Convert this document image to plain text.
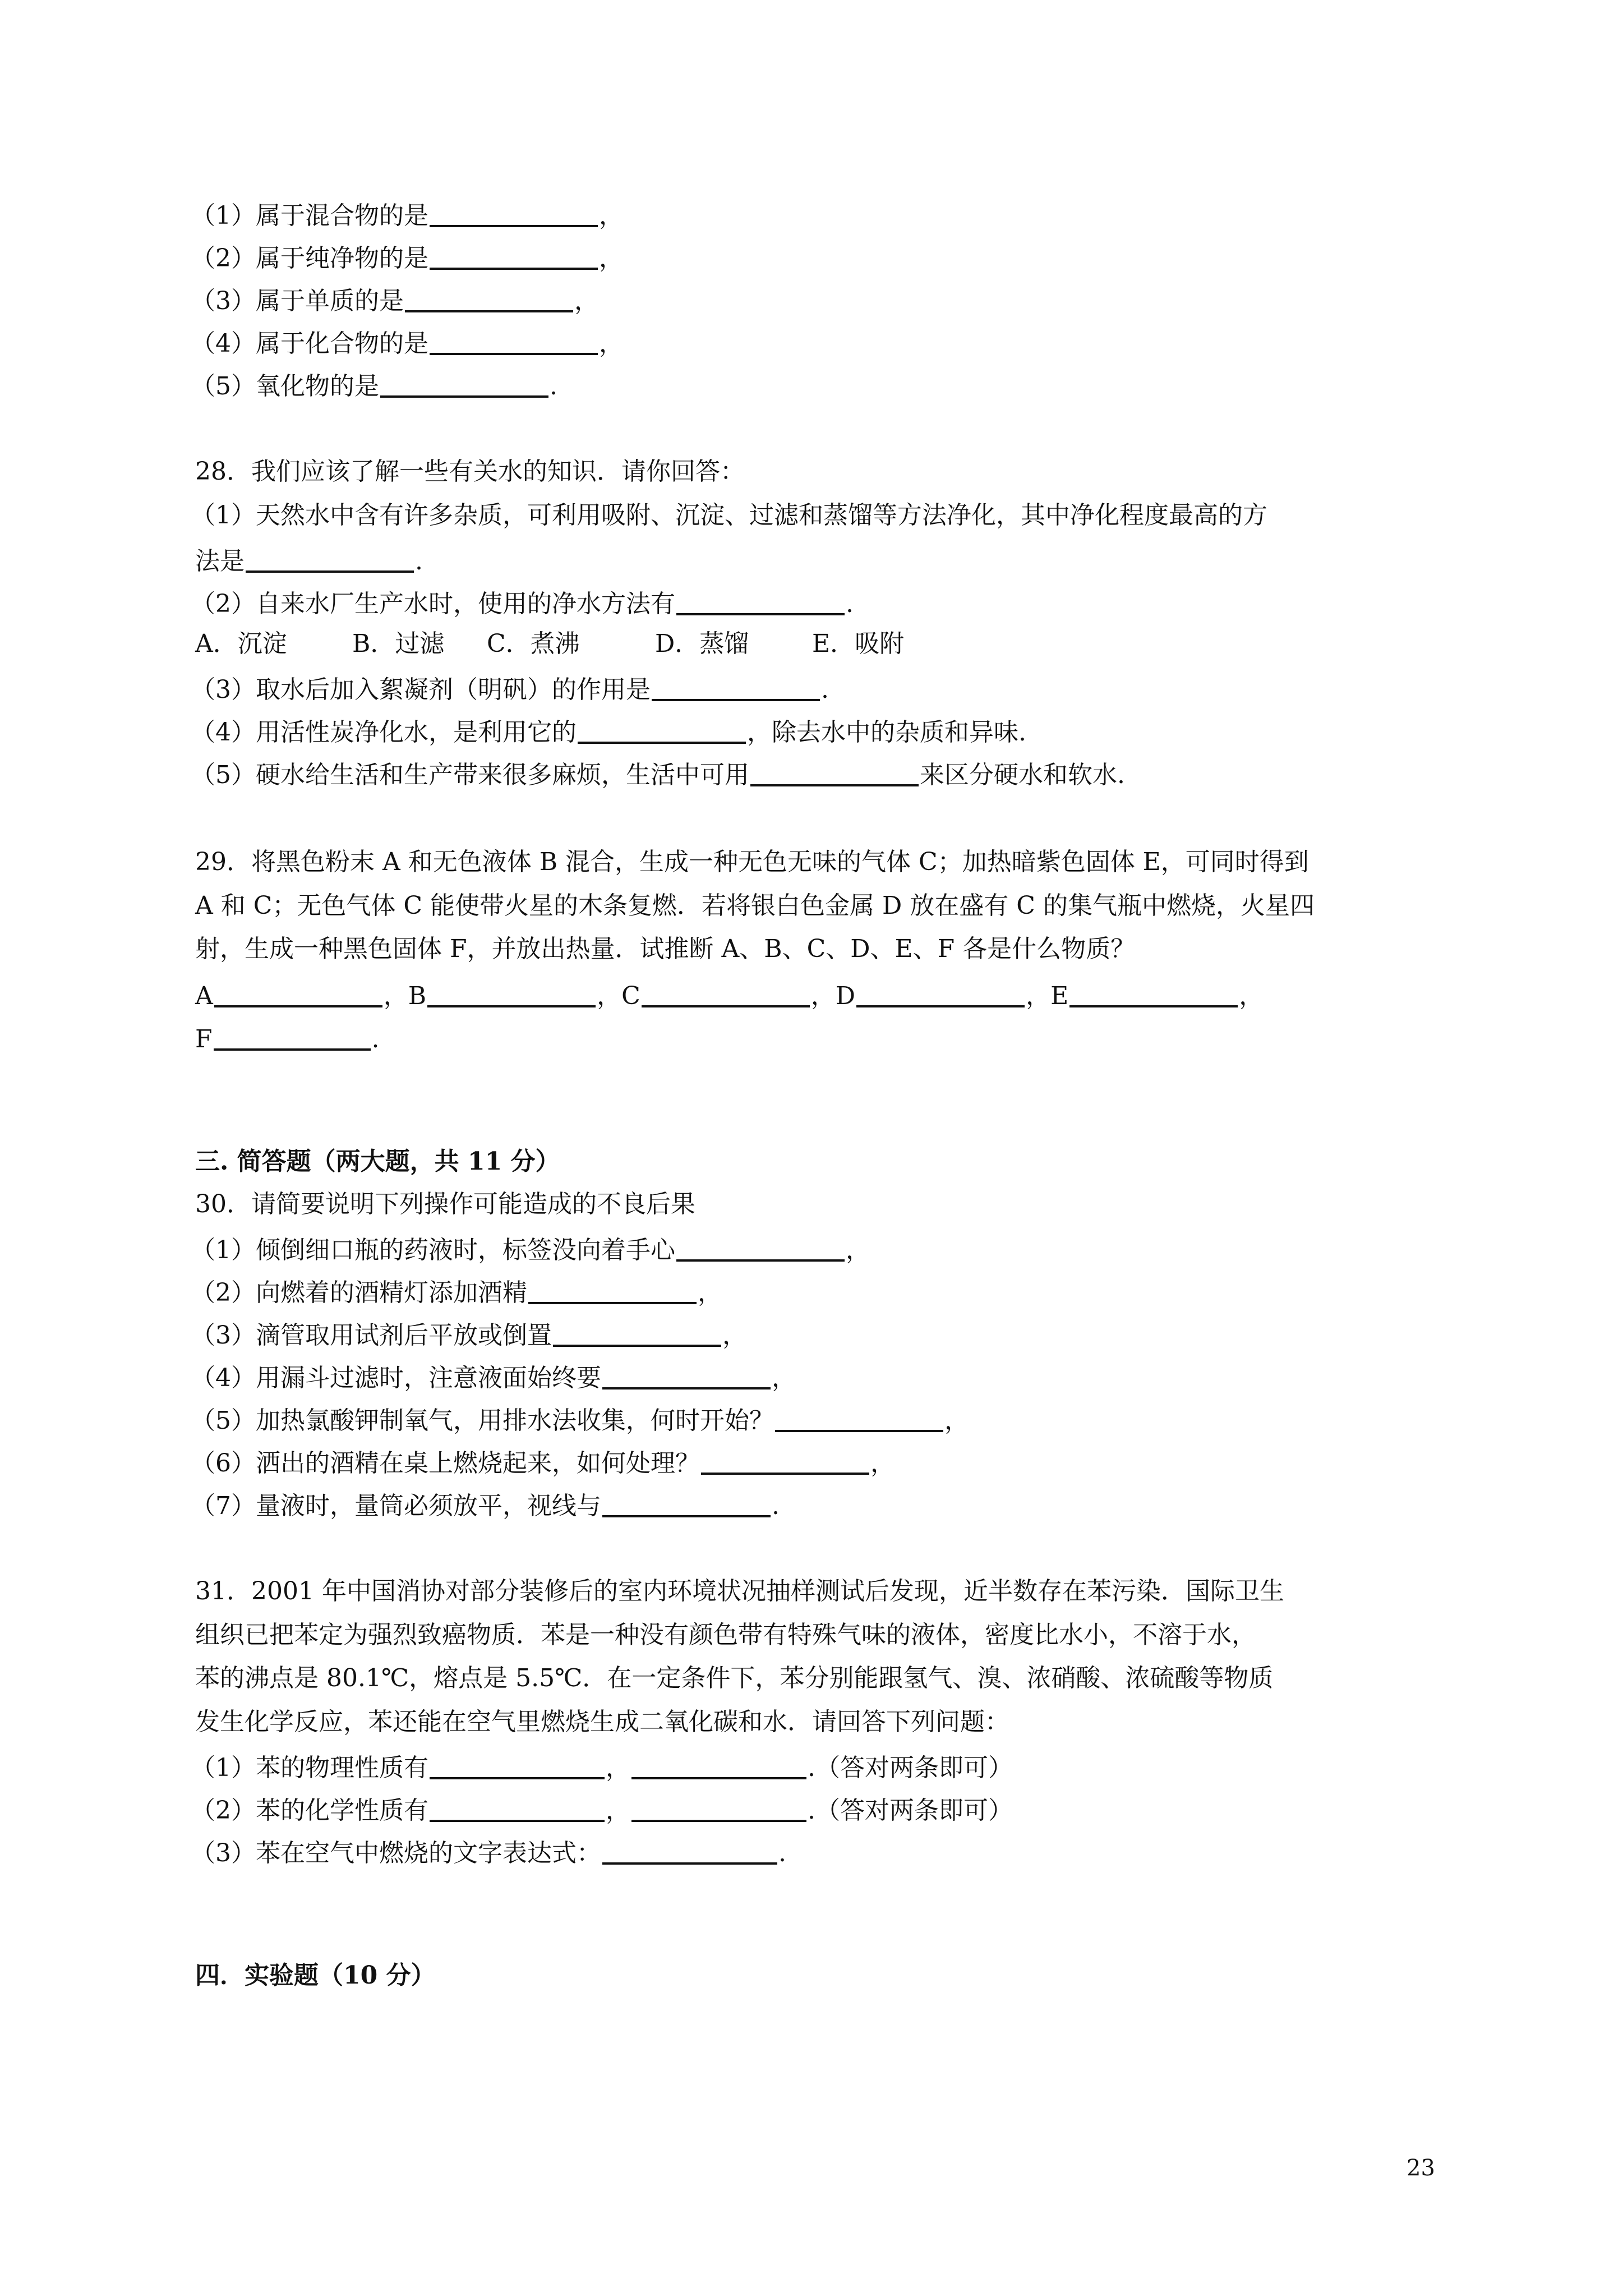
（1）属于混合物的是	，
（2）属于纯净物的是	，
（3）属于单质的是	，
（4）属于化合物的是	，
（5）氧化物的是	.
28．我们应该了解一些有关水的知识．请你回答：
（1）天然水中含有许多杂质，可利用吸附、沉淀、过滤和蒸馏等方法净化，其中净化程度最高的方
法是	.
（2）自来水厂生产水时，使用的净水方法有	.
A．沉淀	B．过滤 C．煮沸	D．蒸馏	E．吸附
（3）取水后加入絮凝剂（明矾）的作用是	.
（4）用活性炭净化水，是利用它的	，除去水中的杂质和异味.
（5）硬水给生活和生产带来很多麻烦，生活中可用	来区分硬水和软水.
29．将黑色粉末 A 和无色液体 B 混合，生成一种无色无味的气体 C；加热暗紫色固体 E，可同时得到
A 和 C；无色气体 C 能使带火星的木条复燃．若将银白色金属 D 放在盛有 C 的集气瓶中燃烧，火星四
射，生成一种黑色固体 F，并放出热量．试推断 A、B、C、D、E、F 各是什么物质？
A	，B	，C	，D	，E	，
F	.
三. 简答题（两大题，共 11 分）
30．请简要说明下列操作可能造成的不良后果
（1）倾倒细口瓶的药液时，标签没向着手心	，
（2）向燃着的酒精灯添加酒精	，
（3）滴管取用试剂后平放或倒置	，
（4）用漏斗过滤时，注意液面始终要	，
（5）加热氯酸钾制氧气，用排水法收集，何时开始？	，
（6）洒出的酒精在桌上燃烧起来，如何处理？	，
（7）量液时，量筒必须放平，视线与	.
31．2001 年中国消协对部分装修后的室内环境状况抽样测试后发现，近半数存在苯污染．国际卫生
组织已把苯定为强烈致癌物质．苯是一种没有颜色带有特殊气味的液体，密度比水小，不溶于水，
苯的沸点是 80.1℃，熔点是 5.5℃．在一定条件下，苯分别能跟氢气、溴、浓硝酸、浓硫酸等物质
发生化学反应，苯还能在空气里燃烧生成二氧化碳和水．请回答下列问题：
（1）苯的物理性质有	，	.（答对两条即可）
（2）苯的化学性质有	，	.（答对两条即可）
（3）苯在空气中燃烧的文字表达式：	.
四．实验题（10 分）
23
